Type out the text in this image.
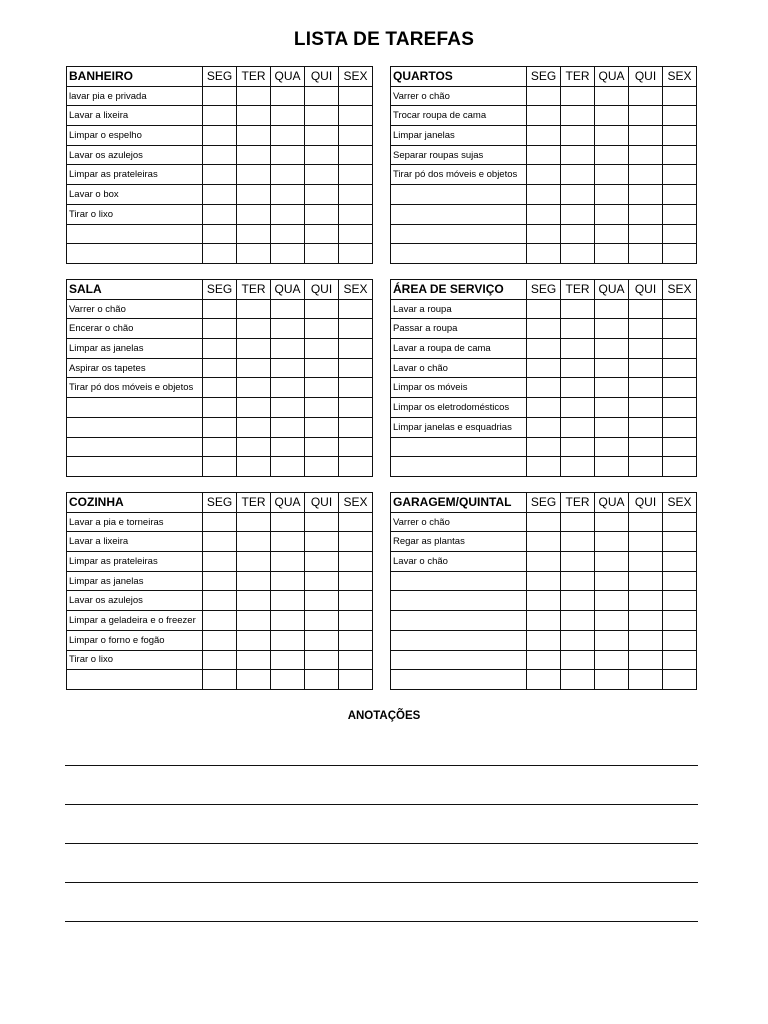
LISTA DE TAREFAS
BANHEIRO	SEG	TER	QUA	QUI	SEX
lavar pia e privada					
Lavar a lixeira					
Limpar o espelho					
Lavar os azulejos					
Limpar as prateleiras					
Lavar o box					
Tirar o lixo					

QUARTOS	SEG	TER	QUA	QUI	SEX
Varrer o chão					
Trocar roupa de cama					
Limpar janelas					
Separar roupas sujas					
Tirar pó dos móveis e objetos					

SALA	SEG	TER	QUA	QUI	SEX
Varrer o chão					
Encerar o chão					
Limpar as janelas					
Aspirar os tapetes					
Tirar pó dos móveis e objetos					

ÁREA DE SERVIÇO	SEG	TER	QUA	QUI	SEX
Lavar a roupa					
Passar a roupa					
Lavar a roupa de cama					
Lavar o chão					
Limpar os móveis					
Limpar os eletrodomésticos					
Limpar janelas e esquadrias					

COZINHA	SEG	TER	QUA	QUI	SEX
Lavar a pia e torneiras					
Lavar a lixeira					
Limpar as prateleiras					
Limpar as janelas					
Lavar os azulejos					
Limpar a geladeira e o freezer					
Limpar o forno e fogão					
Tirar o lixo					

GARAGEM/QUINTAL	SEG	TER	QUA	QUI	SEX
Varrer o chão					
Regar as plantas					
Lavar o chão					

ANOTAÇÕES
